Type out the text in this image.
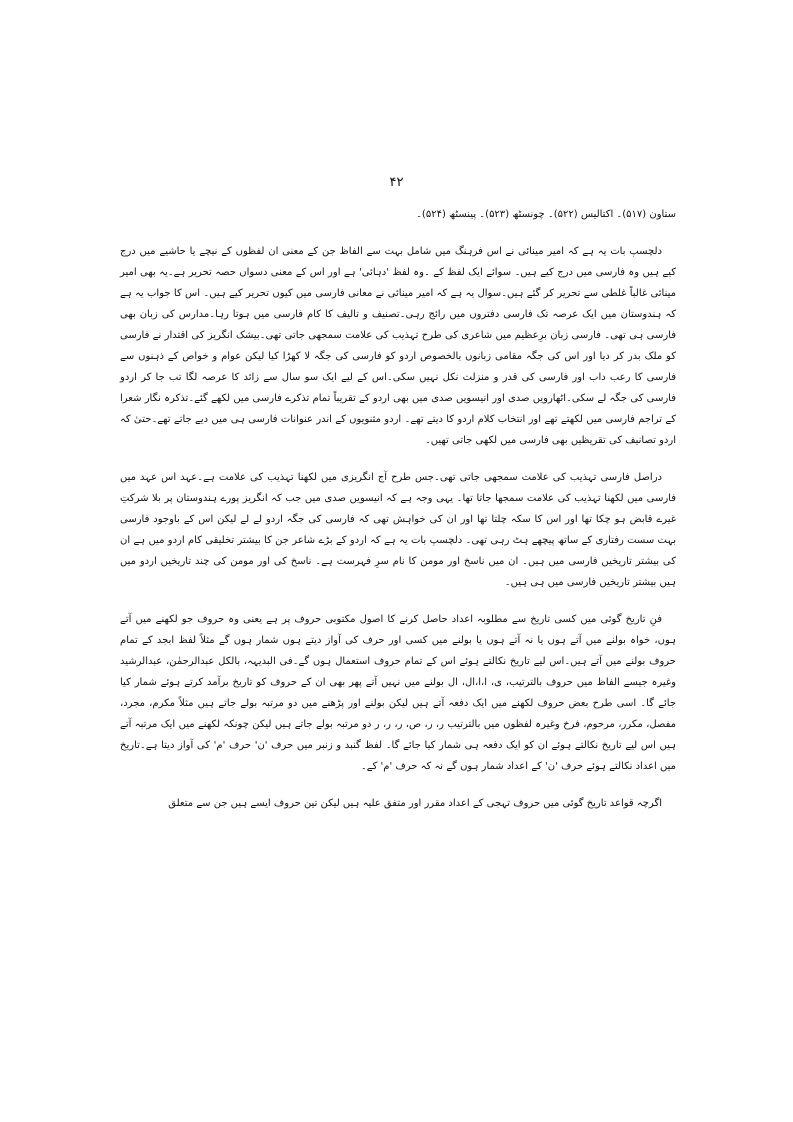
۴۲

ستاون (۵۱۷)۔ اکتالیس (۵۲۲)۔ چونسٹھ (۵۲۳)۔ پینسٹھ (۵۲۴)۔

دلچسپ بات یہ ہے کہ امیر مینائی نے اس فرہنگ میں شامل بہت سے الفاظ جن کے معنی ان لفظوں کے نیچے یا حاشیے میں درج کیے ہیں وہ فارسی میں درج کیے ہیں۔ سوائے ایک لفظ کے ۔وہ لفظ 'دہائی' ہے اور اس کے معنی دسواں حصہ تحریر ہے۔یہ بھی امیر مینائی غالباً غلطی سے تحریر کر گئے ہیں۔سوال یہ ہے کہ امیر مینائی نے معانی فارسی میں کیوں تحریر کیے ہیں۔ اس کا جواب یہ ہے کہ ہندوستان میں ایک عرصہ تک فارسی دفتروں میں رائج رہی۔تصنیف و تالیف کا کام فارسی میں ہوتا رہا۔مدارس کی زبان بھی فارسی ہی تھی۔ فارسی زبان برِعظیم میں شاعری کی طرح تہذیب کی علامت سمجھی جاتی تھی۔بیشک انگریز کی اقتدار نے فارسی کو ملک بدر کر دیا اور اس کی جگہ مقامی زبانوں بالخصوص اردو کو فارسی کی جگہ لا کھڑا کیا لیکن عوام و خواص کے ذہنوں سے فارسی کا رعب داب اور فارسی کی قدر و منزلت نکل نہیں سکی۔اس کے لیے ایک سو سال سے زائد کا عرصہ لگا تب جا کر اردو فارسی کی جگہ لے سکی۔اٹھارویں صدی اور انیسویں صدی میں بھی اردو کے تقریباً تمام تذکرے فارسی میں لکھے گئے۔تذکرہ نگار شعرا کے تراجم فارسی میں لکھتے تھے اور انتخاب کلام اردو کا دیتے تھے۔ اردو مثنویوں کے اندر عنوانات فارسی ہی میں دیے جاتے تھے۔حتیٰ کہ اردو تصانیف کی تقریظیں بھی فارسی میں لکھی جاتی تھیں۔

دراصل فارسی تہذیب کی علامت سمجھی جاتی تھی۔جس طرح آج انگریزی میں لکھنا تہذیب کی علامت ہے۔عہد اس عہد میں فارسی میں لکھنا تہذیب کی علامت سمجھا جاتا تھا۔ یہی وجہ ہے کہ انیسویں صدی میں جب کہ انگریز پورے ہندوستان پر بلا شرکتِ غیرے قابض ہو چکا تھا اور اس کا سکہ چلتا تھا اور ان کی خواہش تھی کہ فارسی کی جگہ اردو لے لے لیکن اس کے باوجود فارسی بہت سست رفتاری کے ساتھ پیچھے ہٹ رہی تھی۔ دلچسپ بات یہ ہے کہ اردو کے بڑے شاعر جن کا بیشتر تخلیقی کام اردو میں ہے ان کی بیشتر تاریخیں فارسی میں ہیں۔ ان میں ناسخ اور مومن کا نام سرِ فہرست ہے۔ ناسخ کی اور مومن کی چند تاریخیں اردو میں ہیں بیشتر تاریخیں فارسی میں ہی ہیں۔

فنِ تاریخ گوئی میں کسی تاریخ سے مطلوبہ اعداد حاصل کرنے کا اصول مکتوبی حروف پر ہے یعنی وہ حروف جو لکھنے میں آتے ہوں، خواہ بولنے میں آتے ہوں یا نہ آتے ہوں یا بولنے میں کسی اور حرف کی آواز دیتے ہوں شمار ہوں گے مثلاً لفظ ابجد کے تمام حروف بولنے میں آتے ہیں۔اس لیے تاریخ نکالتے ہوئے اس کے تمام حروف استعمال ہوں گے۔فی البدیہہ، بالکل عبدالرحمٰن، عبدالرشید وغیرہ جیسے الفاظ میں حروف بالترتیب، ی، ا،ا،ال، ال بولنے میں نہیں آتے پھر بھی ان کے حروف کو تاریخ برآمد کرتے ہوئے شمار کیا جائے گا۔ اسی طرح بعض حروف لکھنے میں ایک دفعہ آتے ہیں لیکن بولنے اور پڑھنے میں دو مرتبہ بولے جاتے ہیں مثلاً مکرم، مجرد، مفصل، مکرر، مرحوم، فرخ وغیرہ لفظوں میں بالترتیب ر، ر، ص، ر، ر، ر دو مرتبہ بولے جاتے ہیں لیکن چونکہ لکھنے میں ایک مرتبہ آتے ہیں اس لیے تاریخ نکالتے ہوئے ان کو ایک دفعہ ہی شمار کیا جائے گا۔ لفظ گنبد و زنبر میں حرف 'ن' حرف 'م' کی آواز دیتا ہے۔تاریخ میں اعداد نکالتے ہوئے حرف 'ن' کے اعداد شمار ہوں گے نہ کہ حرف 'م' کے۔

اگرچہ قواعد تاریخ گوئی میں حروف تہجی کے اعداد مقرر اور متفق علیہ ہیں لیکن تین حروف ایسے ہیں جن سے متعلق
